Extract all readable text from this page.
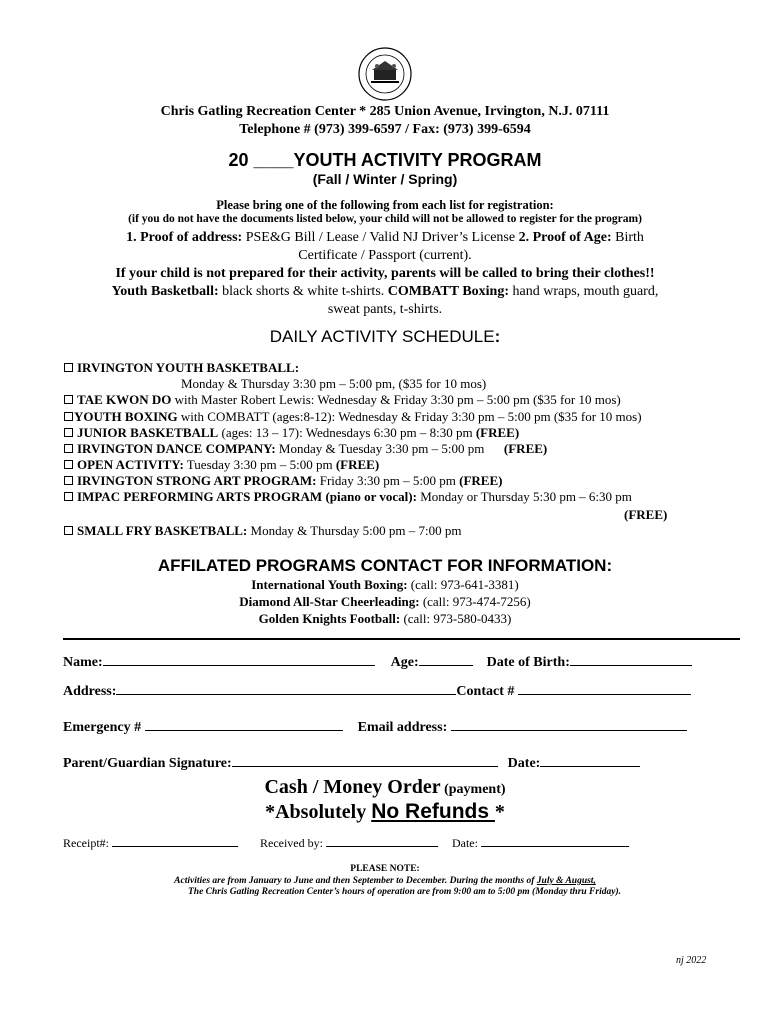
Chris Gatling Recreation Center * 285 Union Avenue, Irvington, N.J. 07111
Telephone # (973) 399-6597 / Fax: (973) 399-6594
20 ____YOUTH ACTIVITY PROGRAM
(Fall / Winter / Spring)
Please bring one of the following from each list for registration:
(if you do not have the documents listed below, your child will not be allowed to register for the program)
1. Proof of address: PSE&G Bill / Lease / Valid NJ Driver’s License 2. Proof of Age: Birth
Certificate / Passport (current).
If your child is not prepared for their activity, parents will be called to bring their clothes!!
Youth Basketball: black shorts & white t-shirts. COMBATT Boxing: hand wraps, mouth guard,
sweat pants, t-shirts.
DAILY ACTIVITY SCHEDULE:
IRVINGTON YOUTH BASKETBALL:
Monday & Thursday 3:30 pm – 5:00 pm, ($35 for 10 mos)
TAE KWON DO with Master Robert Lewis: Wednesday & Friday 3:30 pm – 5:00 pm ($35 for 10 mos)
YOUTH BOXING with COMBATT (ages:8-12): Wednesday & Friday 3:30 pm – 5:00 pm ($35 for 10 mos)
JUNIOR BASKETBALL (ages: 13 – 17): Wednesdays 6:30 pm – 8:30 pm (FREE)
IRVINGTON DANCE COMPANY: Monday & Tuesday 3:30 pm – 5:00 pm      (FREE)
OPEN ACTIVITY: Tuesday 3:30 pm – 5:00 pm (FREE)
IRVINGTON STRONG ART PROGRAM: Friday 3:30 pm – 5:00 pm (FREE)
IMPAC PERFORMING ARTS PROGRAM (piano or vocal): Monday or Thursday 5:30 pm – 6:30 pm
(FREE)
SMALL FRY BASKETBALL: Monday & Thursday 5:00 pm – 7:00 pm
AFFILATED PROGRAMS CONTACT FOR INFORMATION:
International Youth Boxing: (call: 973-641-3381)
Diamond All-Star Cheerleading: (call: 973-474-7256)
Golden Knights Football: (call: 973-580-0433)
Name:	Age:	Date of Birth:
Address:	Contact #
Emergency #	Email address:
Parent/Guardian Signature:	Date:
Cash / Money Order (payment)
*Absolutely No Refunds *
Receipt#:	Received by:	Date:
PLEASE NOTE:
Activities are from January to June and then September to December. During the months of July & August,
The Chris Gatling Recreation Center’s hours of operation are from 9:00 am to 5:00 pm (Monday thru Friday).
nj 2022
